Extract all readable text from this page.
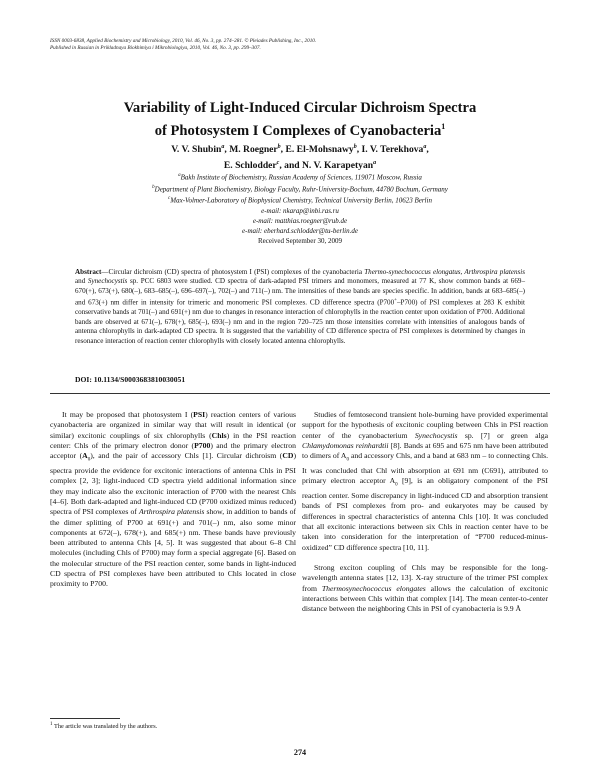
ISSN 0003-6838, Applied Biochemistry and Microbiology, 2010, Vol. 46, No. 3, pp. 274–281. © Pleiades Publishing, Inc., 2010.
Published in Russian in Prikladnaya Biokhimiya i Mikrobiologiya, 2010, Vol. 46, No. 3, pp. 299–307.
Variability of Light-Induced Circular Dichroism Spectra
of Photosystem I Complexes of Cyanobacteria$^1$
V. V. Shubin$^a$, M. Roegner$^b$, E. El-Mohsnawy$^b$, I. V. Terekhova$^a$,
E. Schlodder$^c$, and N. V. Karapetyan$^a$
$^a$Bakh Institute of Biochemistry, Russian Academy of Sciences, 119071 Moscow, Russia
$^b$Department of Plant Biochemistry, Biology Faculty, Ruhr-University-Bochum, 44780 Bochum, Germany
$^c$Max-Volmer-Laboratory of Biophysical Chemistry, Technical University Berlin, 10623 Berlin
e-mail: nkarap@inbi.ras.ru
e-mail: matthias.roegner@rub.de
e-mail: eberhard.schlodder@tu-berlin.de
Received September 30, 2009
Abstract—Circular dichroism (CD) spectra of photosystem I (PSI) complexes of the cyanobacteria Thermo-synechococcus elongatus, Arthrospira platensis and Synechocystis sp. PCC 6803 were studied. CD spectra of dark-adapted PSI trimers and monomers, measured at 77 K, show common bands at 669–670(+), 673(+), 680(–), 683–685(–), 696–697(–), 702(–) and 711(–) nm. The intensities of these bands are species specific. In addition, bands at 683–685(–) and 673(+) nm differ in intensity for trimeric and monomeric PSI complexes. CD difference spectra (P700+–P700) of PSI complexes at 283 K exhibit conservative bands at 701(–) and 691(+) nm due to changes in resonance interaction of chlorophylls in the reaction center upon oxidation of P700. Additional bands are observed at 671(–), 678(+), 685(–), 693(–) nm and in the region 720–725 nm those intensities correlate with intensities of analogous bands of antenna chlorophylls in dark-adapted CD spectra. It is suggested that the variability of CD difference spectra of PSI complexes is determined by changes in resonance interaction of reaction center chlorophylls with closely located antenna chlorophylls.
DOI: 10.1134/S0003683810030051

It may be proposed that photosystem I (PSI) reaction centers of various cyanobacteria are organized in similar way that will result in identical (or similar) excitonic couplings of six chlorophylls (Chls) in the PSI reaction center: Chls of the primary electron donor (P700) and the primary electron acceptor $(A_0)$, and the pair of accessory Chls [1]. Circular dichroism (CD) spectra provide the evidence for excitonic interactions of antenna Chls in PSI complex [2, 3]; light-induced CD spectra yield additional information since they may indicate also the excitonic interaction of P700 with the nearest Chls [4–6]. Both dark-adapted and light-induced CD (P700 oxidized minus reduced) spectra of PSI complexes of Arthrospira platensis show, in addition to bands of the dimer splitting of P700 at 691(+) and 701(–) nm, also some minor components at 672(–), 678(+), and 685(+) nm. These bands have previously been attributed to antenna Chls [4, 5]. It was suggested that about 6–8 Chl molecules (including Chls of P700) may form a special aggregate [6]. Based on the molecular structure of the PSI reaction center, some bands in light-induced CD spectra of PSI complexes have been attributed to Chls located in close proximity to P700.

Studies of femtosecond transient hole-burning have provided experimental support for the hypothesis of excitonic coupling between Chls in PSI reaction center of the cyanobacterium Synechocystis sp. [7] or green alga Chlamydomonas reinhardtii [8]. Bands at 695 and 675 nm have been attributed to dimers of $A_0$ and accessory Chls, and a band at 683 nm – to connecting Chls. It was concluded that Chl with absorption at 691 nm (C691), attributed to primary electron acceptor $A_0$ [9], is an obligatory component of the PSI reaction center. Some discrepancy in light-induced CD and absorption transient bands of PSI complexes from pro- and eukaryotes may be caused by differences in spectral characteristics of antenna Chls [10]. It was concluded that all excitonic interactions between six Chls in reaction center have to be taken into consideration for the interpretation of “P700 reduced-minus-oxidized” CD difference spectra [10, 11].

Strong exciton coupling of Chls may be responsible for the long-wavelength antenna states [12, 13]. X-ray structure of the trimer PSI complex from Thermosynechococcus elongates allows the calculation of excitonic interactions between Chls within that complex [14]. The mean center-to-center distance between the neighboring Chls in PSI of cyanobacteria is 9.9 Å

$^1$ The article was translated by the authors.
274
